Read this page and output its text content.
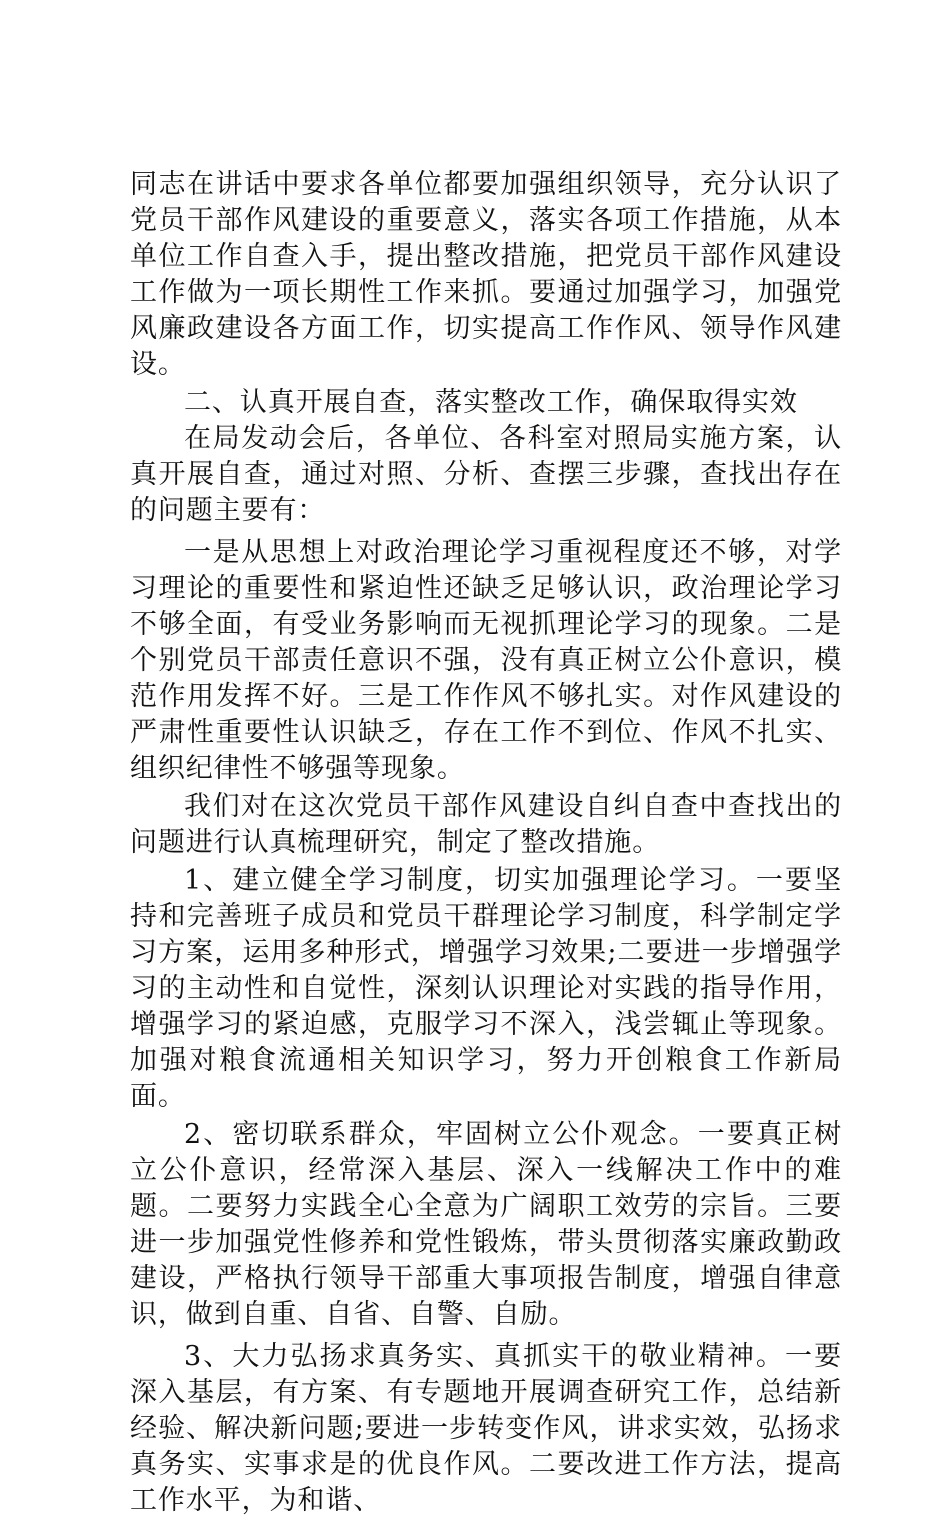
同志在讲话中要求各单位都要加强组织领导，充分认识了党员干部作风建设的重要意义，落实各项工作措施，从本单位工作自查入手，提出整改措施，把党员干部作风建设工作做为一项长期性工作来抓。要通过加强学习，加强党风廉政建设各方面工作，切实提高工作作风、领导作风建设。

二、认真开展自查，落实整改工作，确保取得实效

在局发动会后，各单位、各科室对照局实施方案，认真开展自查，通过对照、分析、查摆三步骤，查找出存在的问题主要有：

一是从思想上对政治理论学习重视程度还不够，对学习理论的重要性和紧迫性还缺乏足够认识，政治理论学习不够全面，有受业务影响而无视抓理论学习的现象。二是个别党员干部责任意识不强，没有真正树立公仆意识，模范作用发挥不好。三是工作作风不够扎实。对作风建设的严肃性重要性认识缺乏，存在工作不到位、作风不扎实、组织纪律性不够强等现象。

我们对在这次党员干部作风建设自纠自查中查找出的问题进行认真梳理研究，制定了整改措施。

1、建立健全学习制度，切实加强理论学习。一要坚持和完善班子成员和党员干群理论学习制度，科学制定学习方案，运用多种形式，增强学习效果;二要进一步增强学习的主动性和自觉性，深刻认识理论对实践的指导作用，增强学习的紧迫感，克服学习不深入，浅尝辄止等现象。加强对粮食流通相关知识学习，努力开创粮食工作新局面。

2、密切联系群众，牢固树立公仆观念。一要真正树立公仆意识，经常深入基层、深入一线解决工作中的难题。二要努力实践全心全意为广阔职工效劳的宗旨。三要进一步加强党性修养和党性锻炼，带头贯彻落实廉政勤政建设，严格执行领导干部重大事项报告制度，增强自律意识，做到自重、自省、自警、自励。

3、大力弘扬求真务实、真抓实干的敬业精神。一要深入基层，有方案、有专题地开展调查研究工作，总结新经验、解决新问题;要进一步转变作风，讲求实效，弘扬求真务实、实事求是的优良作风。二要改进工作方法，提高工作水平，为和谐、
